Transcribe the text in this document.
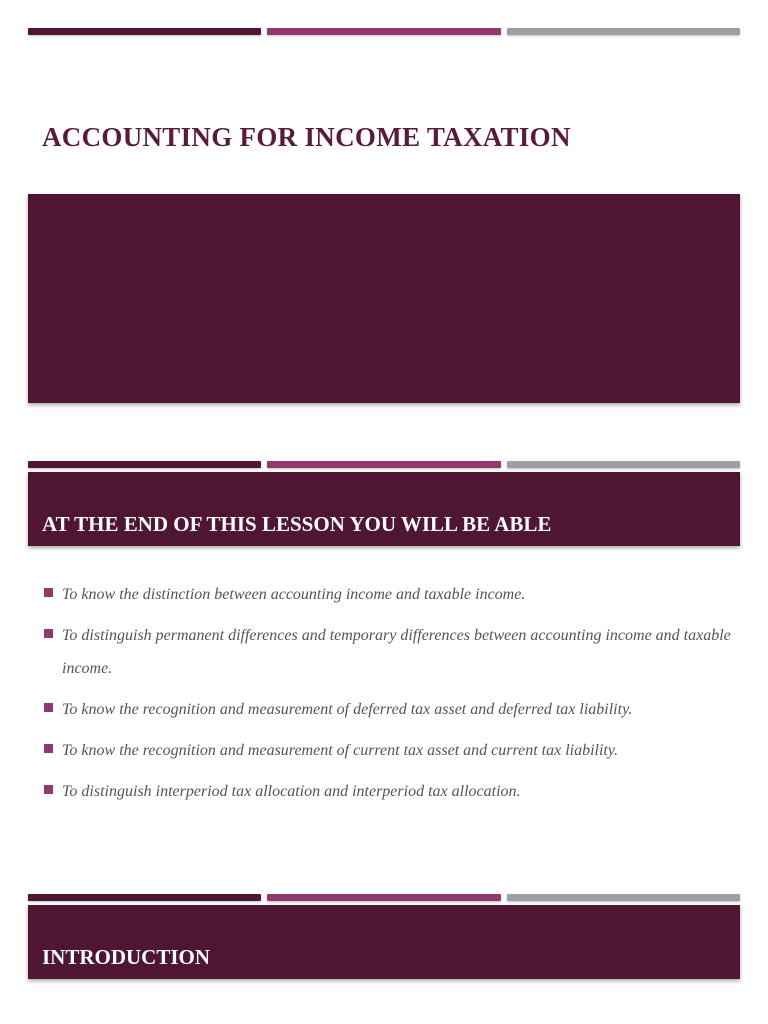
ACCOUNTING FOR INCOME TAXATION
AT THE END OF THIS LESSON YOU WILL BE ABLE
To know the distinction between accounting income and taxable income.
To distinguish permanent differences and temporary differences between accounting income and taxable income.
To know the recognition and measurement of deferred tax asset and deferred tax liability.
To know the recognition and measurement of current tax asset and current tax liability.
To distinguish interperiod tax allocation and interperiod tax allocation.
INTRODUCTION
